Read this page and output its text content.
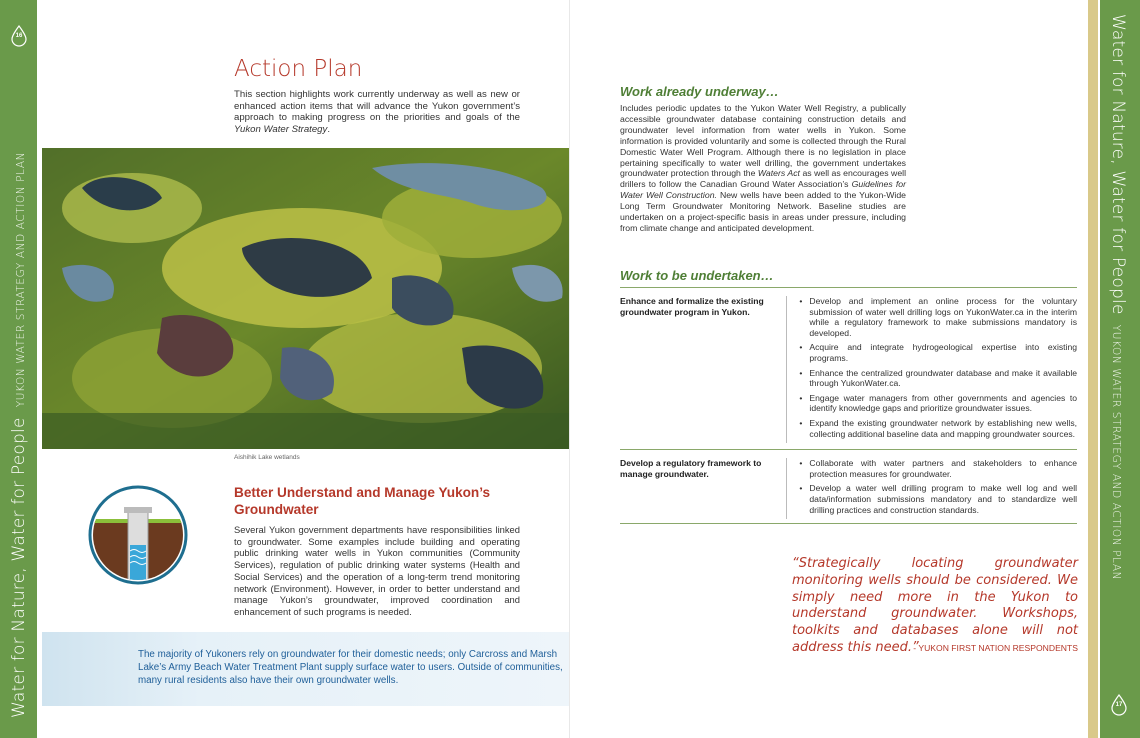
16
Water for Nature, Water for People  YUKON WATER STRATEGY AND ACTION PLAN
Action Plan
This section highlights work currently underway as well as new or enhanced action items that will advance the Yukon government’s approach to making progress on the priorities and goals of the Yukon Water Strategy.
Aishihik Lake wetlands
Better Understand and Manage Yukon’s Groundwater
Several Yukon government departments have responsibilities linked to groundwater. Some examples include building and operating public drinking water wells in Yukon communities (Community Services), regulation of public drinking water systems (Health and Social Services) and the operation of a long-term trend monitoring network (Environment). However, in order to better understand and manage Yukon’s groundwater, improved coordination and enhancement of such programs is needed.
The majority of Yukoners rely on groundwater for their domestic needs; only Carcross and Marsh Lake’s Army Beach Water Treatment Plant supply surface water to users. Outside of communities, many rural residents also have their own groundwater wells.
Work already underway…
Includes periodic updates to the Yukon Water Well Registry, a publically accessible groundwater database containing construction details and groundwater level information from water wells in Yukon. Some information is provided voluntarily and some is collected through the Rural Domestic Water Well Program. Although there is no legislation in place pertaining specifically to water well drilling, the government undertakes groundwater protection through the Waters Act as well as encourages well drillers to follow the Canadian Ground Water Association’s Guidelines for Water Well Construction. New wells have been added to the Yukon-Wide Long Term Groundwater Monitoring Network. Baseline studies are undertaken on a project-specific basis in areas under pressure, including from climate change and anticipated development.
Work to be undertaken…
Enhance and formalize the existing groundwater program in Yukon.
• Develop and implement an online process for the voluntary submission of water well drilling logs on YukonWater.ca in the interim while a regulatory framework to make submissions mandatory is developed.
• Acquire and integrate hydrogeological expertise into existing programs.
• Enhance the centralized groundwater database and make it available through YukonWater.ca.
• Engage water managers from other governments and agencies to identify knowledge gaps and prioritize groundwater issues.
• Expand the existing groundwater network by establishing new wells, collecting additional baseline data and mapping groundwater sources.
Develop a regulatory framework to manage groundwater.
• Collaborate with water partners and stakeholders to enhance protection measures for groundwater.
• Develop a water well drilling program to make well log and well data/information submissions mandatory and to standardize well drilling practices and construction standards.
“Strategically locating groundwater monitoring wells should be considered. We simply need more in the Yukon to understand groundwater. Workshops, toolkits and databases alone will not address this need.”
- YUKON FIRST NATION RESPONDENTS
Water for Nature, Water for People  YUKON WATER STRATEGY AND ACTION PLAN
17
